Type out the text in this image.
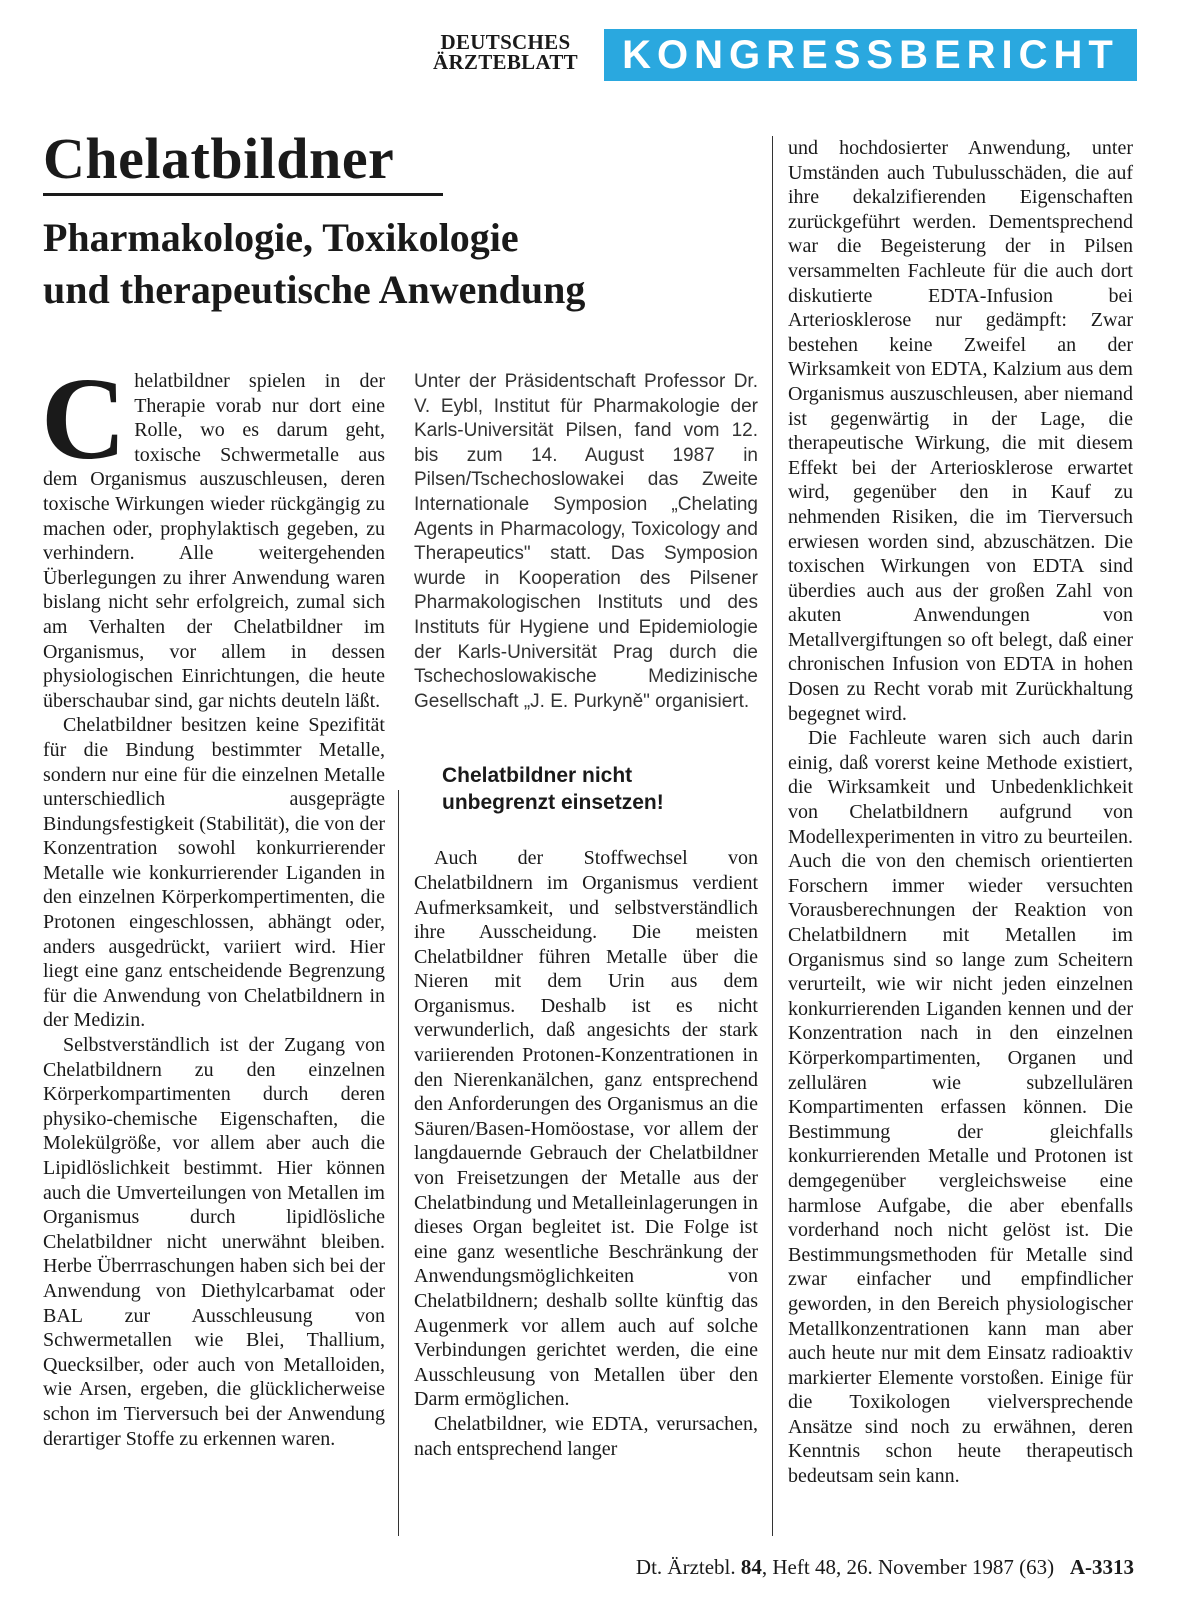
DEUTSCHES
ÄRZTEBLATT	KONGRESSBERICHT
Chelatbildner
Pharmakologie, Toxikologie
und therapeutische Anwendung
C helatbildner spielen in der Therapie vorab nur dort eine Rolle, wo es darum geht, toxische Schwermetalle aus dem Organismus auszuschleusen, deren toxische Wirkungen wieder rückgängig zu machen oder, prophylaktisch gegeben, zu verhindern. Alle weitergehenden Überlegungen zu ihrer Anwendung waren bislang nicht sehr erfolgreich, zumal sich am Verhalten der Chelatbildner im Organismus, vor allem in dessen physiologischen Einrichtungen, die heute überschaubar sind, gar nichts deuteln läßt.

Chelatbildner besitzen keine Spezifität für die Bindung bestimmter Metalle, sondern nur eine für die einzelnen Metalle unterschiedlich ausgeprägte Bindungsfestigkeit (Stabilität), die von der Konzentration sowohl konkurrierender Metalle wie konkurrierender Liganden in den einzelnen Körperkompertimenten, die Protonen eingeschlossen, abhängt oder, anders ausgedrückt, variiert wird. Hier liegt eine ganz entscheidende Begrenzung für die Anwendung von Chelatbildnern in der Medizin.

Selbstverständlich ist der Zugang von Chelatbildnern zu den einzelnen Körperkompartimenten durch deren physiko-chemische Eigenschaften, die Molekülgröße, vor allem aber auch die Lipidlöslichkeit bestimmt. Hier können auch die Umverteilungen von Metallen im Organismus durch lipidlösliche Chelatbildner nicht unerwähnt bleiben. Herbe Überrraschungen haben sich bei der Anwendung von Diethylcarbamat oder BAL zur Ausschleusung von Schwermetallen wie Blei, Thallium, Quecksilber, oder auch von Metalloiden, wie Arsen, ergeben, die glücklicherweise schon im Tierversuch bei der Anwendung derartiger Stoffe zu erkennen waren.

Unter der Präsidentschaft Professor Dr. V. Eybl, Institut für Pharmakologie der Karls-Universität Pilsen, fand vom 12. bis zum 14. August 1987 in Pilsen/Tschechoslowakei das Zweite Internationale Symposion „Chelating Agents in Pharmacology, Toxicology and Therapeutics" statt. Das Symposion wurde in Kooperation des Pilsener Pharmakologischen Instituts und des Instituts für Hygiene und Epidemiologie der Karls-Universität Prag durch die Tschechoslowakische Medizinische Gesellschaft „J. E. Purkyně" organisiert.

Chelatbildner nicht
unbegrenzt einsetzen!

Auch der Stoffwechsel von Chelatbildnern im Organismus verdient Aufmerksamkeit, und selbstverständlich ihre Ausscheidung. Die meisten Chelatbildner führen Metalle über die Nieren mit dem Urin aus dem Organismus. Deshalb ist es nicht verwunderlich, daß angesichts der stark variierenden Protonen-Konzentrationen in den Nierenkanälchen, ganz entsprechend den Anforderungen des Organismus an die Säuren/Basen-Homöostase, vor allem der langdauernde Gebrauch der Chelatbildner von Freisetzungen der Metalle aus der Chelatbindung und Metalleinlagerungen in dieses Organ begleitet ist. Die Folge ist eine ganz wesentliche Beschränkung der Anwendungsmöglichkeiten von Chelatbildnern; deshalb sollte künftig das Augenmerk vor allem auch auf solche Verbindungen gerichtet werden, die eine Ausschleusung von Metallen über den Darm ermöglichen.

Chelatbildner, wie EDTA, verursachen, nach entsprechend langer

und hochdosierter Anwendung, unter Umständen auch Tubulusschäden, die auf ihre dekalzifierenden Eigenschaften zurückgeführt werden. Dementsprechend war die Begeisterung der in Pilsen versammelten Fachleute für die auch dort diskutierte EDTA-Infusion bei Arteriosklerose nur gedämpft: Zwar bestehen keine Zweifel an der Wirksamkeit von EDTA, Kalzium aus dem Organismus auszuschleusen, aber niemand ist gegenwärtig in der Lage, die therapeutische Wirkung, die mit diesem Effekt bei der Arteriosklerose erwartet wird, gegenüber den in Kauf zu nehmenden Risiken, die im Tierversuch erwiesen worden sind, abzuschätzen. Die toxischen Wirkungen von EDTA sind überdies auch aus der großen Zahl von akuten Anwendungen von Metallvergiftungen so oft belegt, daß einer chronischen Infusion von EDTA in hohen Dosen zu Recht vorab mit Zurückhaltung begegnet wird.

Die Fachleute waren sich auch darin einig, daß vorerst keine Methode existiert, die Wirksamkeit und Unbedenklichkeit von Chelatbildnern aufgrund von Modellexperimenten in vitro zu beurteilen. Auch die von den chemisch orientierten Forschern immer wieder versuchten Vorausberechnungen der Reaktion von Chelatbildnern mit Metallen im Organismus sind so lange zum Scheitern verurteilt, wie wir nicht jeden einzelnen konkurrierenden Liganden kennen und der Konzentration nach in den einzelnen Körperkompartimenten, Organen und zellulären wie subzellulären Kompartimenten erfassen können. Die Bestimmung der gleichfalls konkurrierenden Metalle und Protonen ist demgegenüber vergleichsweise eine harmlose Aufgabe, die aber ebenfalls vorderhand noch nicht gelöst ist. Die Bestimmungsmethoden für Metalle sind zwar einfacher und empfindlicher geworden, in den Bereich physiologischer Metallkonzentrationen kann man aber auch heute nur mit dem Einsatz radioaktiv markierter Elemente vorstoßen. Einige für die Toxikologen vielversprechende Ansätze sind noch zu erwähnen, deren Kenntnis schon heute therapeutisch bedeutsam sein kann.

Dt. Ärztebl. 84, Heft 48, 26. November 1987 (63) A-3313
